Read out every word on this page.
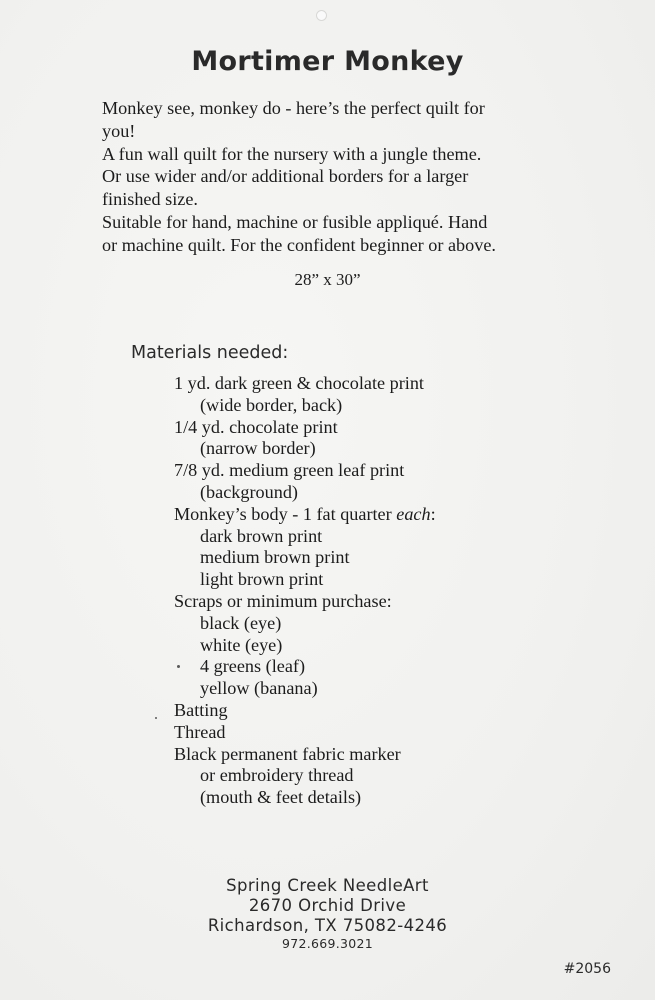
Mortimer Monkey
Monkey see, monkey do - here’s the perfect quilt for
you!
A fun wall quilt for the nursery with a jungle theme.
Or use wider and/or additional borders for a larger
finished size.
Suitable for hand, machine or fusible appliqué. Hand
or machine quilt. For the confident beginner or above.
28” x 30”
Materials needed:
1 yd. dark green & chocolate print
(wide border, back)
1/4 yd. chocolate print
(narrow border)
7/8 yd. medium green leaf print
(background)
Monkey’s body - 1 fat quarter each:
dark brown print
medium brown print
light brown print
Scraps or minimum purchase:
black (eye)
white (eye)
4 greens (leaf)
yellow (banana)
Batting
Thread
Black permanent fabric marker
or embroidery thread
(mouth & feet details)
Spring Creek NeedleArt
2670 Orchid Drive
Richardson, TX 75082-4246
972.669.3021
#2056
